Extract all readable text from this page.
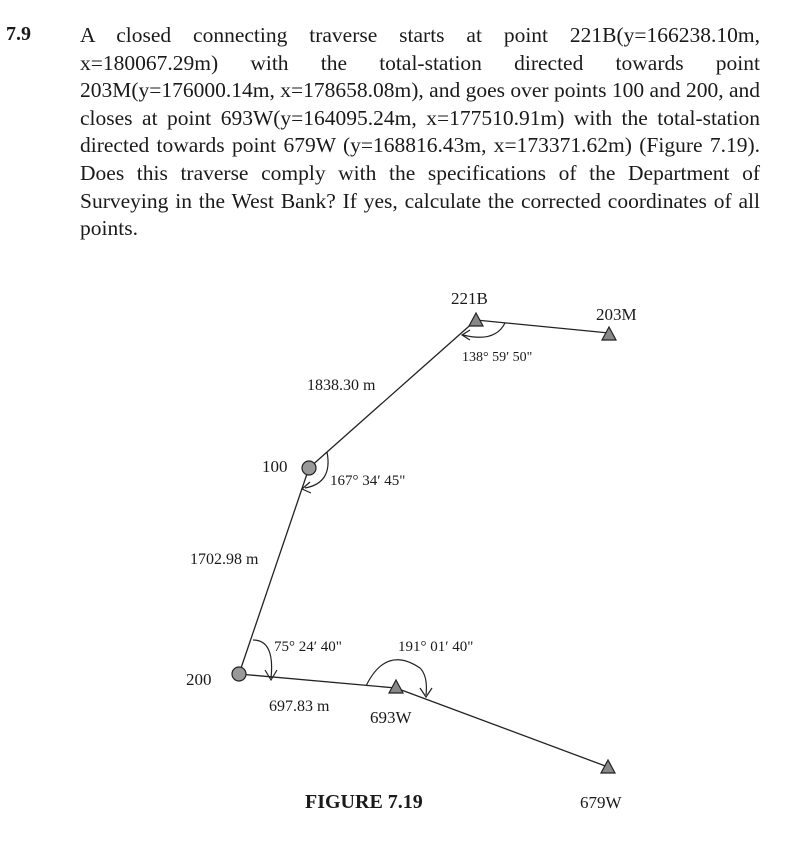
7.9 A closed connecting traverse starts at point 221B(y=166238.10m, x=180067.29m) with the total-station directed towards point 203M(y=176000.14m, x=178658.08m), and goes over points 100 and 200, and closes at point 693W(y=164095.24m, x=177510.91m) with the total-station directed towards point 679W (y=168816.43m, x=173371.62m) (Figure 7.19). Does this traverse comply with the specifications of the Department of Surveying in the West Bank? If yes, calculate the corrected coordinates of all points.

221B
203M
100
200
693W
679W
138° 59′ 50"
167° 34′ 45"
75° 24′ 40"	191° 01′ 40"
1838.30 m
1702.98 m
697.83 m
FIGURE 7.19
